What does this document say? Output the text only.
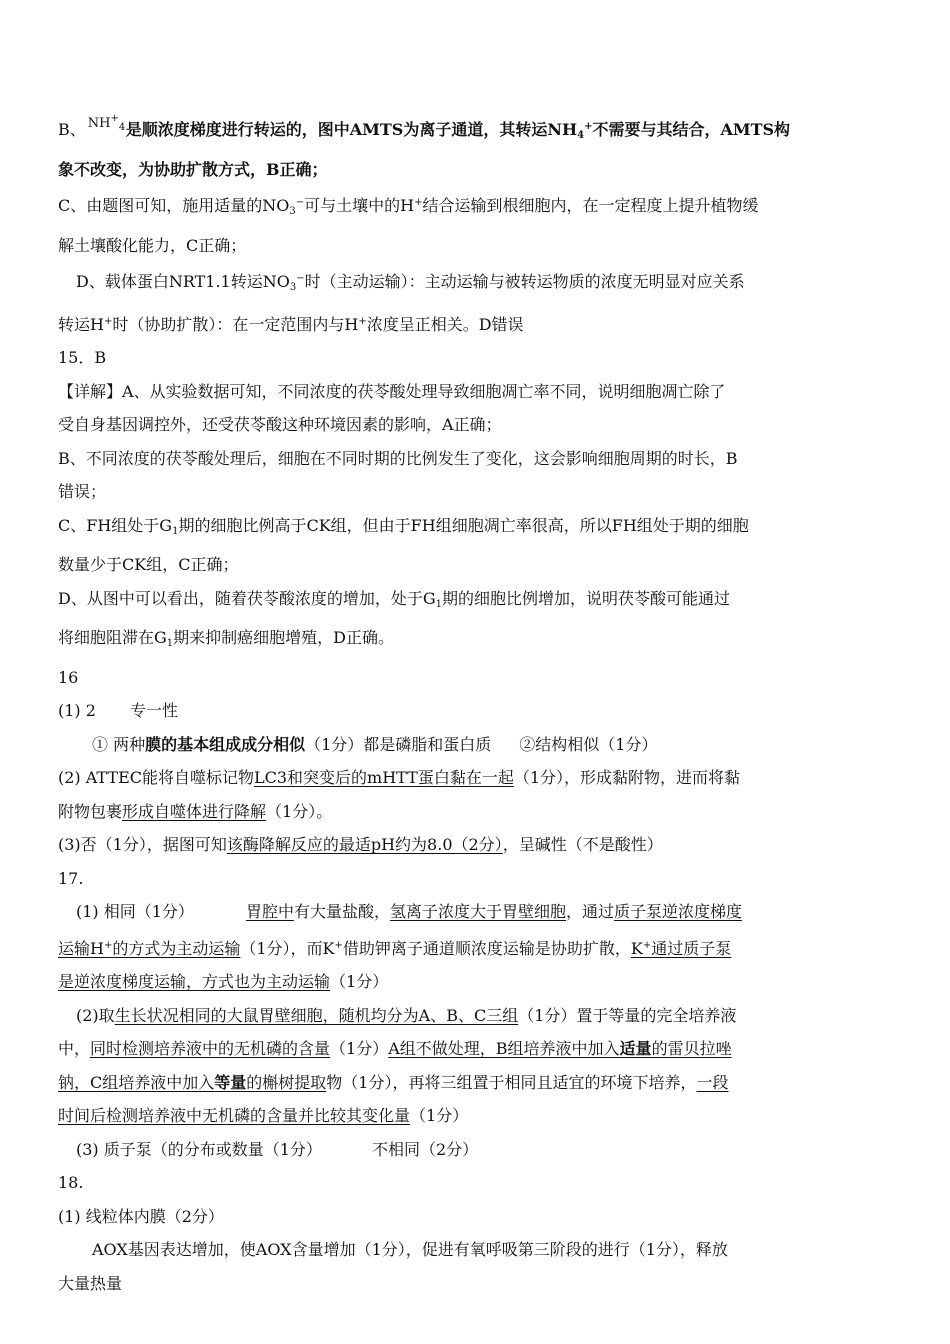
B、 $NH^+_4$ 是顺浓度梯度进行转运的，图中AMTS为离子通道，其转运$NH_4^+$不需要与其结合，AMTS构
象不改变，为协助扩散方式，B正确；
C、由题图可知，施用适量的$NO_3^-$可与土壤中的H+结合运输到根细胞内，在一定程度上提升植物缓
解土壤酸化能力，C正确；
D、载体蛋白NRT1.1转运$NO_3^-$时（主动运输）：主动运输与被转运物质的浓度无明显对应关系
转运H+时（协助扩散）：在一定范围内与H+浓度呈正相关。D错误
15．B
【详解】A、从实验数据可知，不同浓度的茯苓酸处理导致细胞凋亡率不同，说明细胞凋亡除了
受自身基因调控外，还受茯苓酸这种环境因素的影响，A正确；
B、不同浓度的茯苓酸处理后，细胞在不同时期的比例发生了变化，这会影响细胞周期的时长，B
错误；
C、FH组处于$G_1$期的细胞比例高于CK组，但由于FH组细胞凋亡率很高，所以FH组处于期的细胞
数量少于CK组，C正确；
D、从图中可以看出，随着茯苓酸浓度的增加，处于$G_1$期的细胞比例增加，说明茯苓酸可能通过
将细胞阻滞在$G_1$期来抑制癌细胞增殖，D正确。
16
(1) 2 专一性
① 两种膜的基本组成成分相似（1分）都是磷脂和蛋白质 ②结构相似（1分）
(2) ATTEC能将自噬标记物LC3和突变后的mHTT蛋白黏在一起（1分），形成黏附物，进而将黏
附物包裹形成自噬体进行降解（1分）。
(3)否（1分），据图可知该酶降解反应的最适pH约为8.0（2分），呈碱性（不是酸性）
17.
(1) 相同（1分）	胃腔中有大量盐酸，氢离子浓度大于胃壁细胞，通过质子泵逆浓度梯度
运输H+的方式为主动运输（1分），而K+借助钾离子通道顺浓度运输是协助扩散，K+通过质子泵
是逆浓度梯度运输，方式也为主动运输（1分）
(2)取生长状况相同的大鼠胃壁细胞，随机均分为A、B、C三组（1分）置于等量的完全培养液
中，同时检测培养液中的无机磷的含量（1分）A组不做处理，B组培养液中加入适量的雷贝拉唑
钠，C组培养液中加入等量的槲树提取物（1分），再将三组置于相同且适宜的环境下培养，一段
时间后检测培养液中无机磷的含量并比较其变化量（1分）
(3) 质子泵（的分布或数量（1分）	不相同（2分）
18.
(1) 线粒体内膜（2分）
AOX基因表达增加，使AOX含量增加（1分），促进有氧呼吸第三阶段的进行（1分），释放
大量热量
